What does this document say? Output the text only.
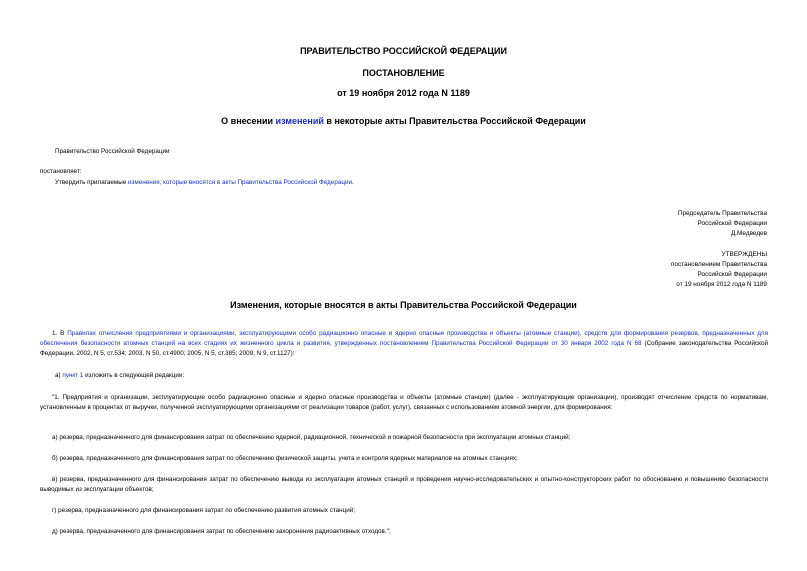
ПРАВИТЕЛЬСТВО РОССИЙСКОЙ ФЕДЕРАЦИИ
ПОСТАНОВЛЕНИЕ
от 19 ноября 2012 года N 1189
О внесении изменений в некоторые акты Правительства Российской Федерации
Правительство Российской Федерации
постановляет:
Утвердить прилагаемые изменения, которые вносятся в акты Правительства Российской Федерации.
Председатель Правительства
Российской Федерации
Д.Медведев
УТВЕРЖДЕНЫ
постановлением Правительства
Российской Федерации
от 19 ноября 2012 года N 1189
Изменения, которые вносятся в акты Правительства Российской Федерации
1. В Правилах отчисления предприятиями и организациями, эксплуатирующими особо радиационно опасные и ядерно опасные производства и объекты (атомные станции), средств для формирования резервов, предназначенных для обеспечения безопасности атомных станций на всех стадиях их жизненного цикла и развития, утвержденных постановлением Правительства Российской Федерации от 30 января 2002 года N 68 (Собрание законодательства Российской Федерации, 2002, N 5, ст.534; 2003, N 50, ст.4900; 2005, N 5, ст.385; 2009, N 9, ст.1127):
а) пункт 1 изложить в следующей редакции:
"1. Предприятия и организации, эксплуатирующие особо радиационно опасные и ядерно опасные производства и объекты (атомные станции) (далее - эксплуатирующие организации), производят отчисление средств по нормативам, установленным в процентах от выручки, полученной эксплуатирующими организациями от реализации товаров (работ, услуг), связанных с использованием атомной энергии, для формирования:
а) резерва, предназначенного для финансирования затрат по обеспечению ядерной, радиационной, технической и пожарной безопасности при эксплуатации атомных станций;
б) резерва, предназначенного для финансирования затрат по обеспечению физической защиты, учета и контроля ядерных материалов на атомных станциях;
в) резерва, предназначенного для финансирования затрат по обеспечению вывода из эксплуатации атомных станций и проведения научно-исследовательских и опытно-конструкторских работ по обоснованию и повышению безопасности выводимых из эксплуатации объектов;
г) резерва, предназначенного для финансирования затрат по обеспечению развития атомных станций;
д) резерва, предназначенного для финансирования затрат по обеспечению захоронения радиоактивных отходов.";
